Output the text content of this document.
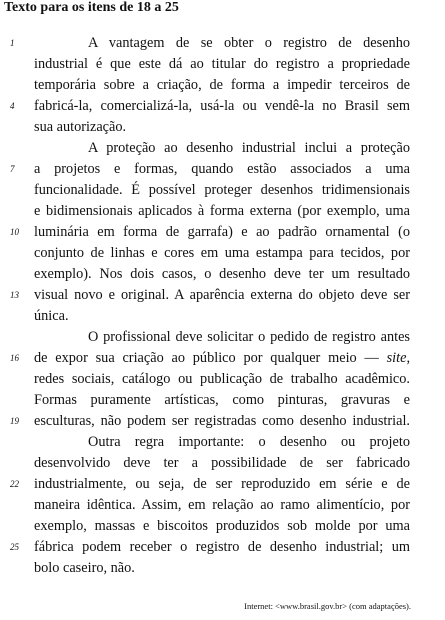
Texto para os itens de 18 a 25
1
4
7
10
13
16
19
22
25
A vantagem de se obter o registro de desenho
industrial é que este dá ao titular do registro a propriedade
temporária sobre a criação, de forma a impedir terceiros de
fabricá-la, comercializá-la, usá-la ou vendê-la no Brasil sem
sua autorização.
A proteção ao desenho industrial inclui a proteção
a projetos e formas, quando estão associados a uma
funcionalidade. É possível proteger desenhos tridimensionais
e bidimensionais aplicados à forma externa (por exemplo, uma
luminária em forma de garrafa) e ao padrão ornamental (o
conjunto de linhas e cores em uma estampa para tecidos, por
exemplo). Nos dois casos, o desenho deve ter um resultado
visual novo e original. A aparência externa do objeto deve ser
única.
O profissional deve solicitar o pedido de registro antes
de expor sua criação ao público por qualquer meio — site,
redes sociais, catálogo ou publicação de trabalho acadêmico.
Formas puramente artísticas, como pinturas, gravuras e
esculturas, não podem ser registradas como desenho industrial.
Outra regra importante: o desenho ou projeto
desenvolvido deve ter a possibilidade de ser fabricado
industrialmente, ou seja, de ser reproduzido em série e de
maneira idêntica. Assim, em relação ao ramo alimentício, por
exemplo, massas e biscoitos produzidos sob molde por uma
fábrica podem receber o registro de desenho industrial; um
bolo caseiro, não.
Internet: <www.brasil.gov.br> (com adaptações).
